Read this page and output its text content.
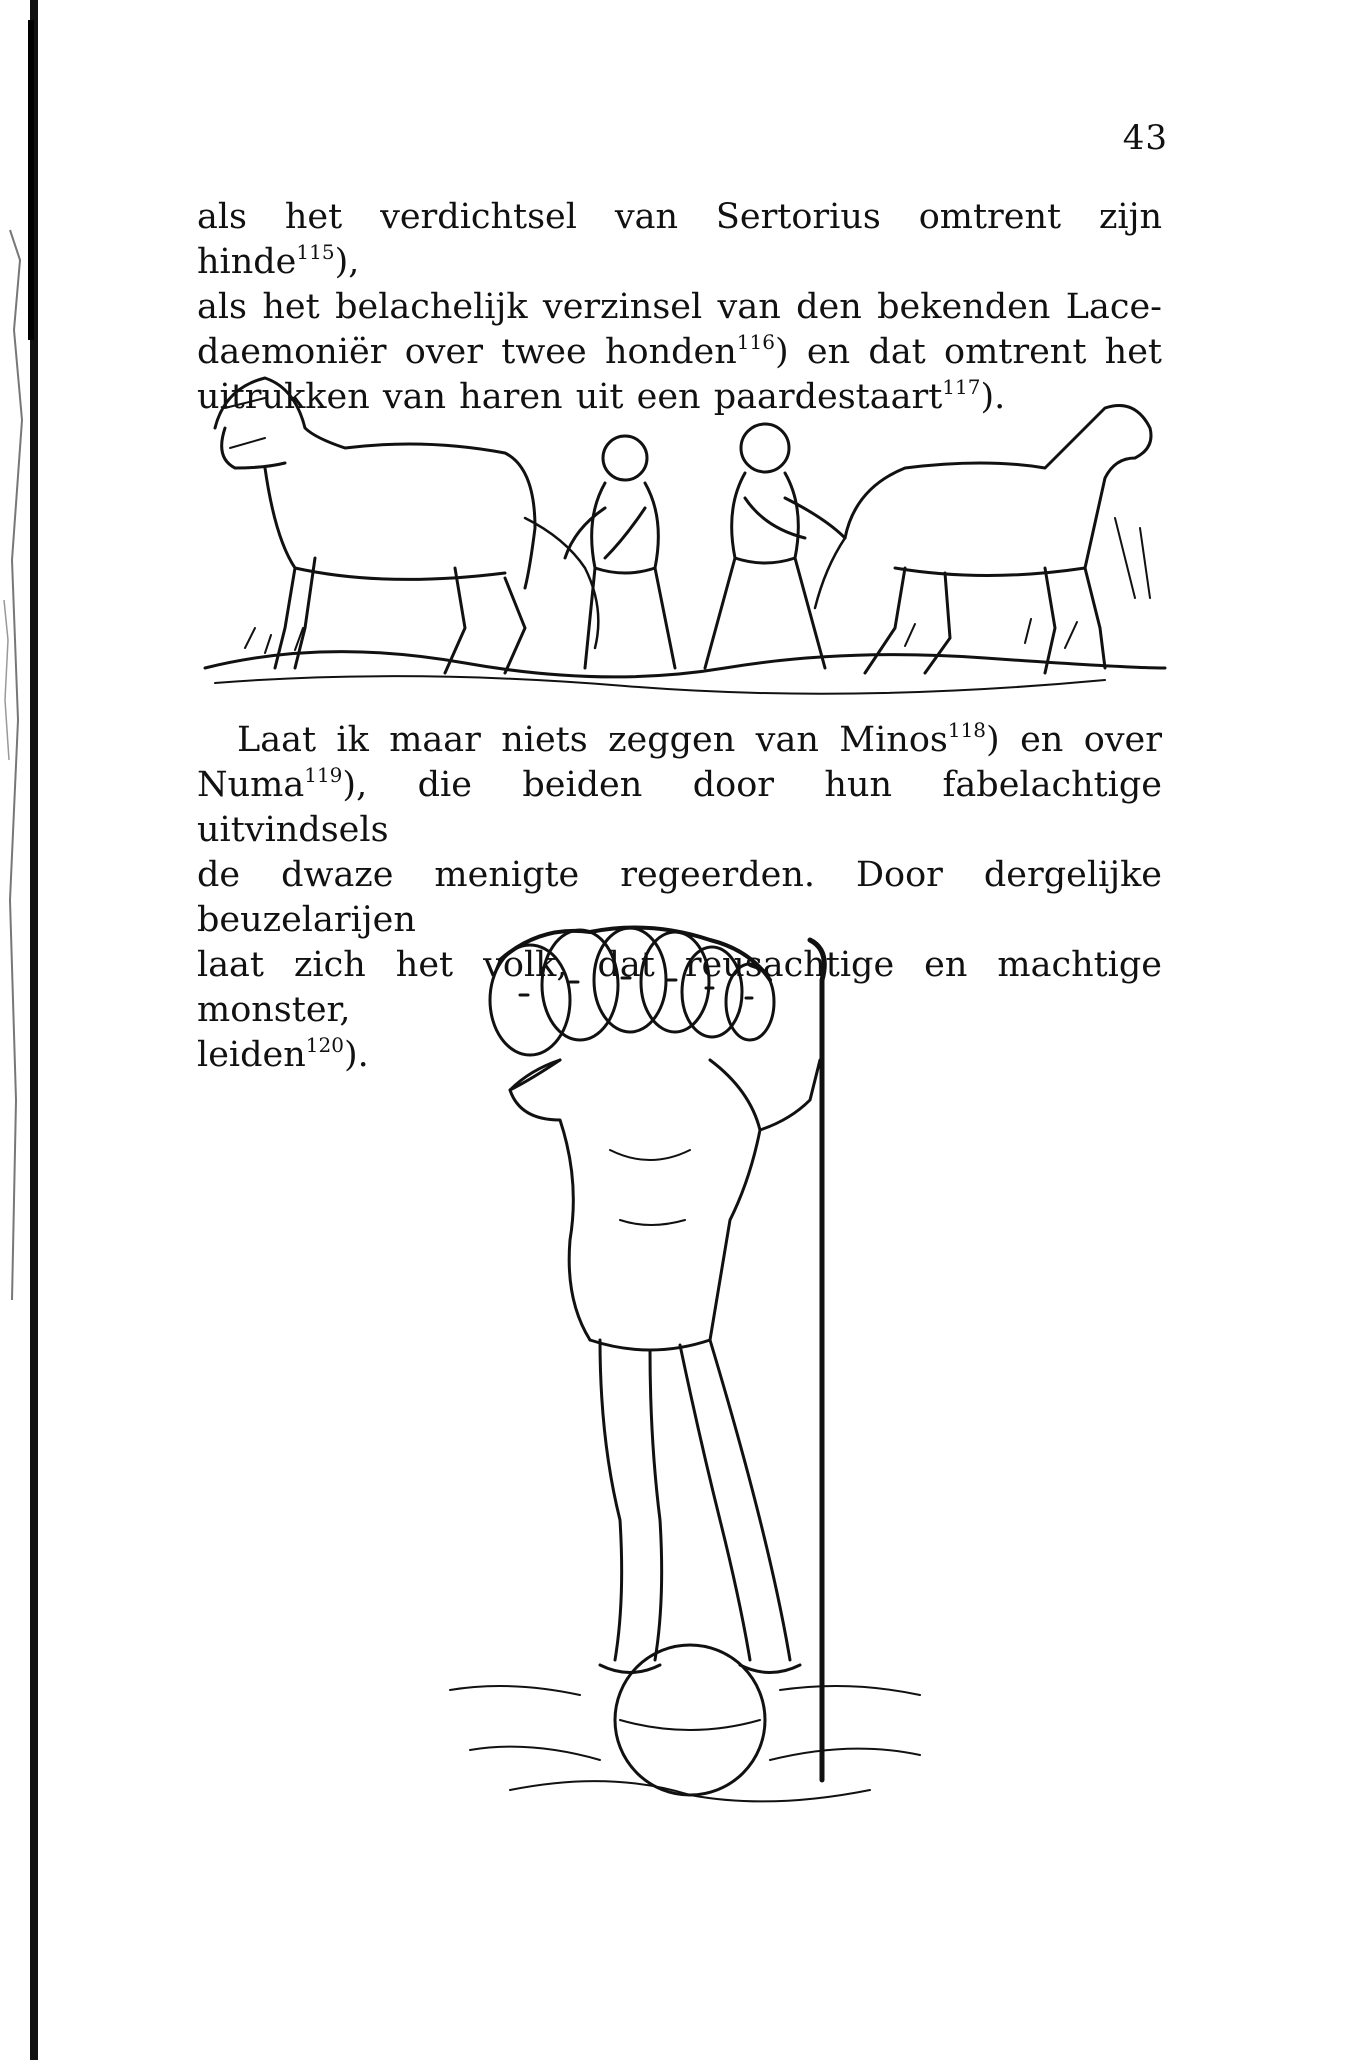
43

als het verdichtsel van Sertorius omtrent zijn hinde$^{115}$),
als het belachelijk verzinsel van den bekenden Lace-
daemoniër over twee honden$^{116}$) en dat omtrent het
uitrukken van haren uit een paardestaart$^{117}$).

Laat ik maar niets zeggen van Minos$^{118}$) en over
Numa$^{119}$), die beiden door hun fabelachtige uitvindsels
de dwaze menigte regeerden. Door dergelijke beuzelarijen
laat zich het volk, dat reusachtige en machtige monster,
leiden$^{120}$).
